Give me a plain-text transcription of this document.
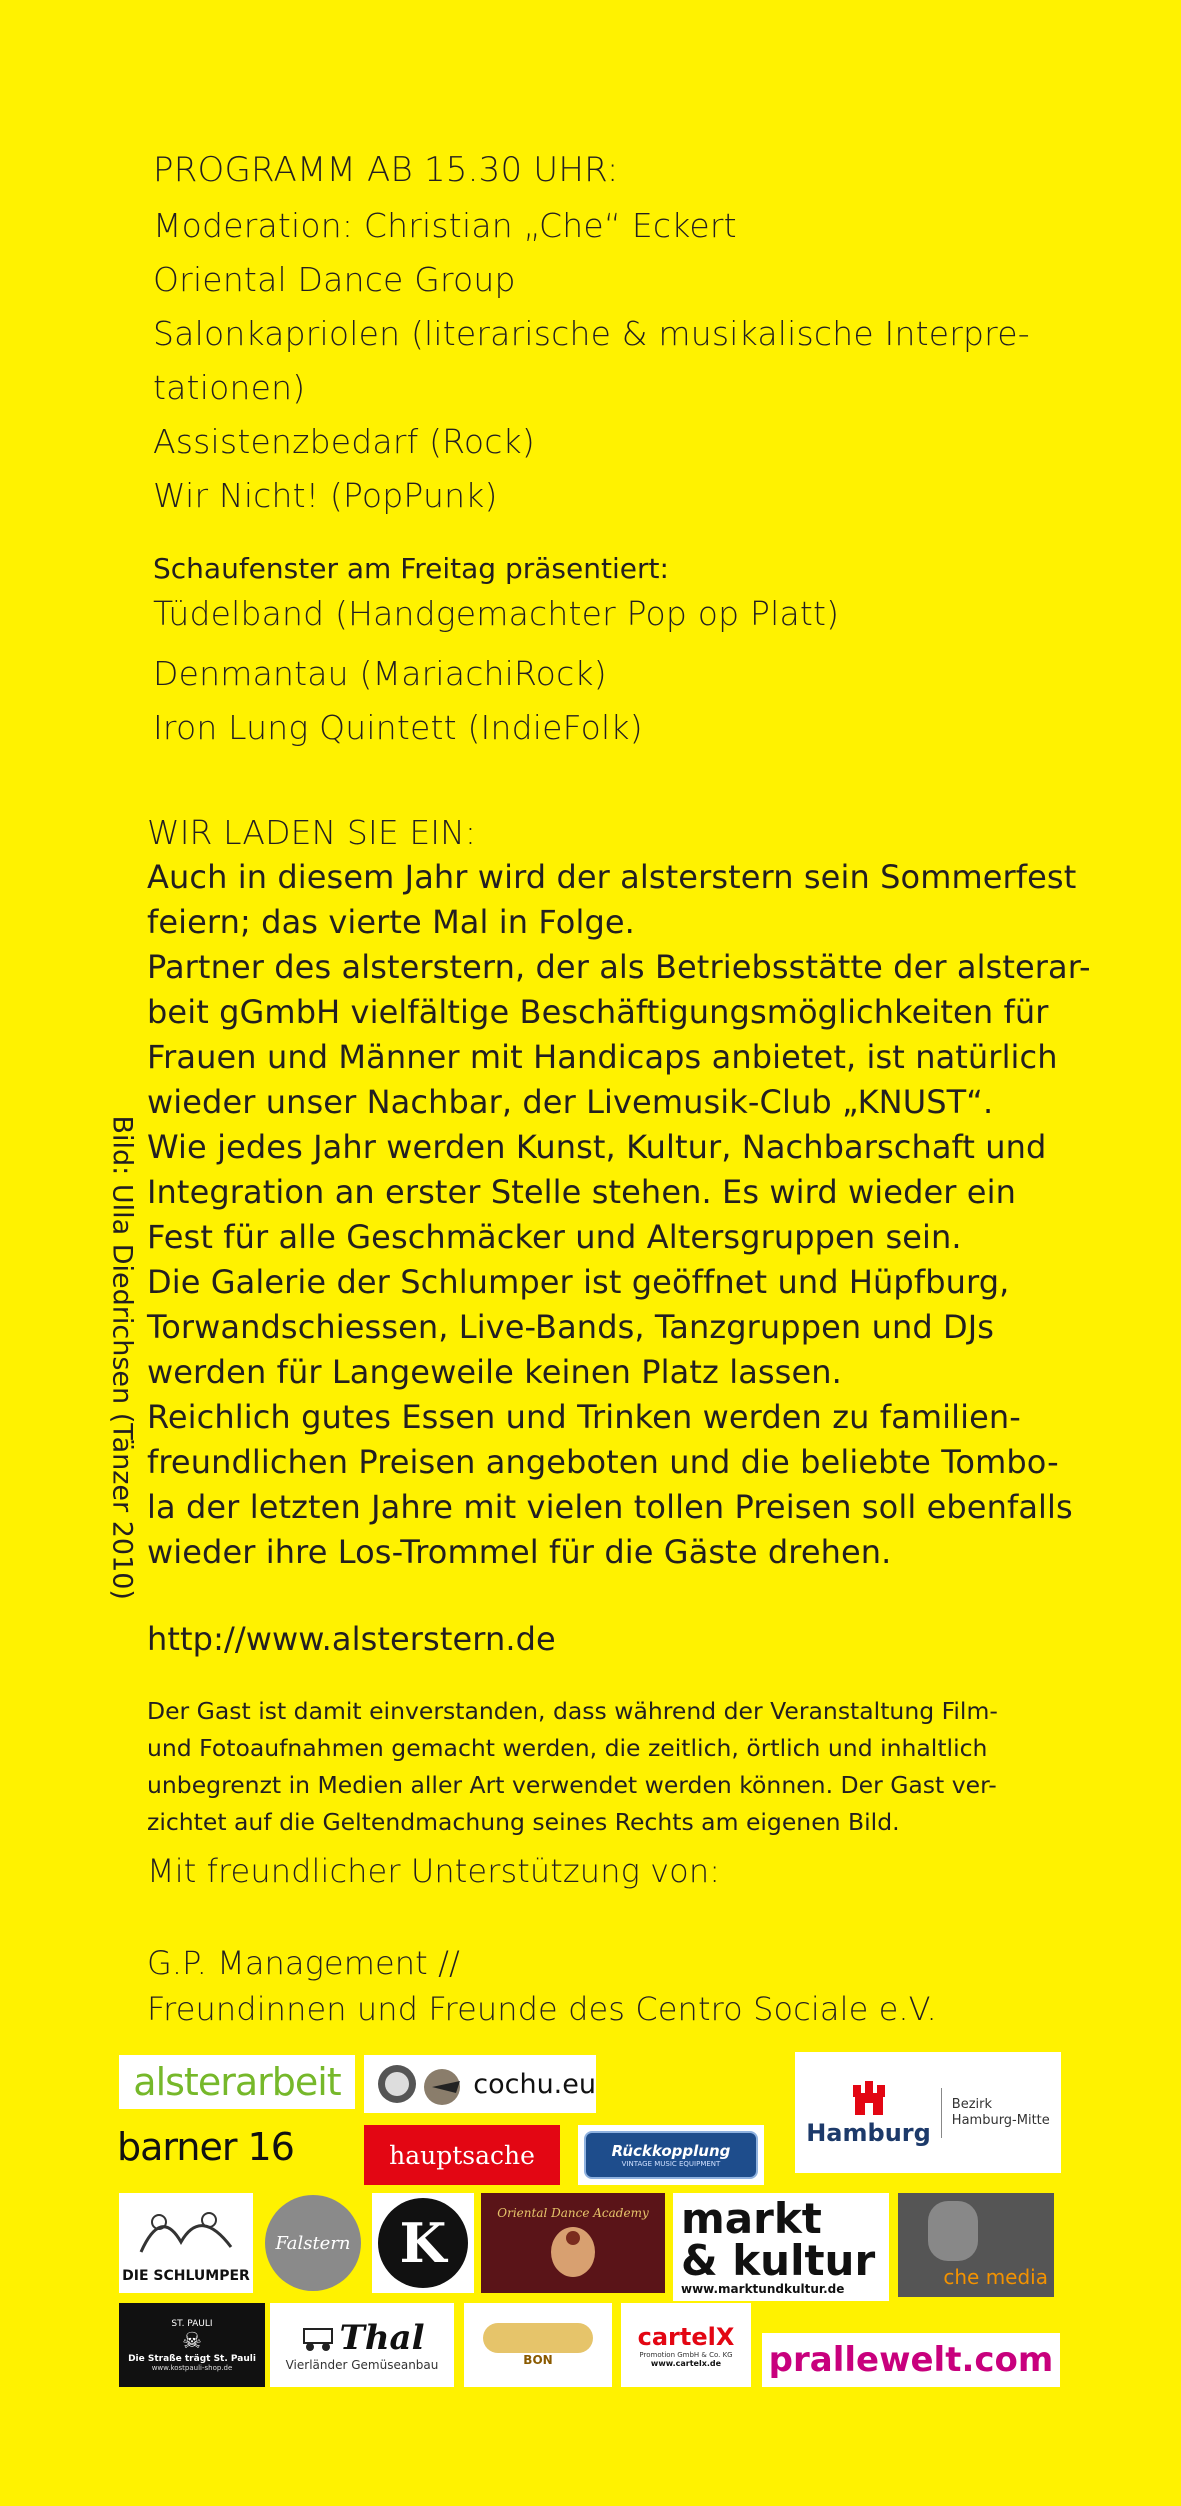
PROGRAMM AB 15.30 UHR:
Moderation: Christian „Che“ Eckert
Oriental Dance Group
Salonkapriolen (literarische & musikalische Interpre-
tationen)
Assistenzbedarf (Rock)
Wir Nicht! (PopPunk)
Schaufenster am Freitag präsentiert:
Tüdelband (Handgemachter Pop op Platt)
Denmantau (MariachiRock)
Iron Lung Quintett (IndieFolk)
WIR LADEN SIE EIN:
Auch in diesem Jahr wird der alsterstern sein Sommerfest
feiern; das vierte Mal in Folge.
Partner des alsterstern, der als Betriebsstätte der alsterar-
beit gGmbH vielfältige Beschäftigungsmöglichkeiten für
Frauen und Männer mit Handicaps anbietet, ist natürlich
wieder unser Nachbar, der Livemusik-Club „KNUST“.
Wie jedes Jahr werden Kunst, Kultur, Nachbarschaft und
Integration an erster Stelle stehen. Es wird wieder ein
Fest für alle Geschmäcker und Altersgruppen sein.
Die Galerie der Schlumper ist geöffnet und Hüpfburg,
Torwandschiessen, Live-Bands, Tanzgruppen und DJs
werden für Langeweile keinen Platz lassen.
Reichlich gutes Essen und Trinken werden zu familien-
freundlichen Preisen angeboten und die beliebte Tombo-
la der letzten Jahre mit vielen tollen Preisen soll ebenfalls
wieder ihre Los-Trommel für die Gäste drehen.
http://www.alsterstern.de
Der Gast ist damit einverstanden, dass während der Veranstaltung Film-
und Fotoaufnahmen gemacht werden, die zeitlich, örtlich und inhaltlich
unbegrenzt in Medien aller Art verwendet werden können. Der Gast ver-
zichtet auf die Geltendmachung seines Rechts am eigenen Bild.
Mit freundlicher Unterstützung von:
G.P. Management //
Freundinnen und Freunde des Centro Sociale e.V.
Bild: Ulla Diedrichsen (Tänzer 2010)
alsterarbeit	cochu.eu
Hamburg
Bezirk
Hamburg-Mitte
barner 16	hauptsache	Rückkopplung
VINTAGE MUSIC EQUIPMENT
DIE SCHLUMPER
Falstern K	Oriental Dance Academy markt
& kultur
www.marktundkultur.de	che media
ST. PAULI
☠
Die Straße trägt St. Pauli
www.kostpauli-shop.de
Thal
Vierländer Gemüseanbau	BON
cartelX
Promotion GmbH & Co. KG
www.cartelx.de prallewelt.com
